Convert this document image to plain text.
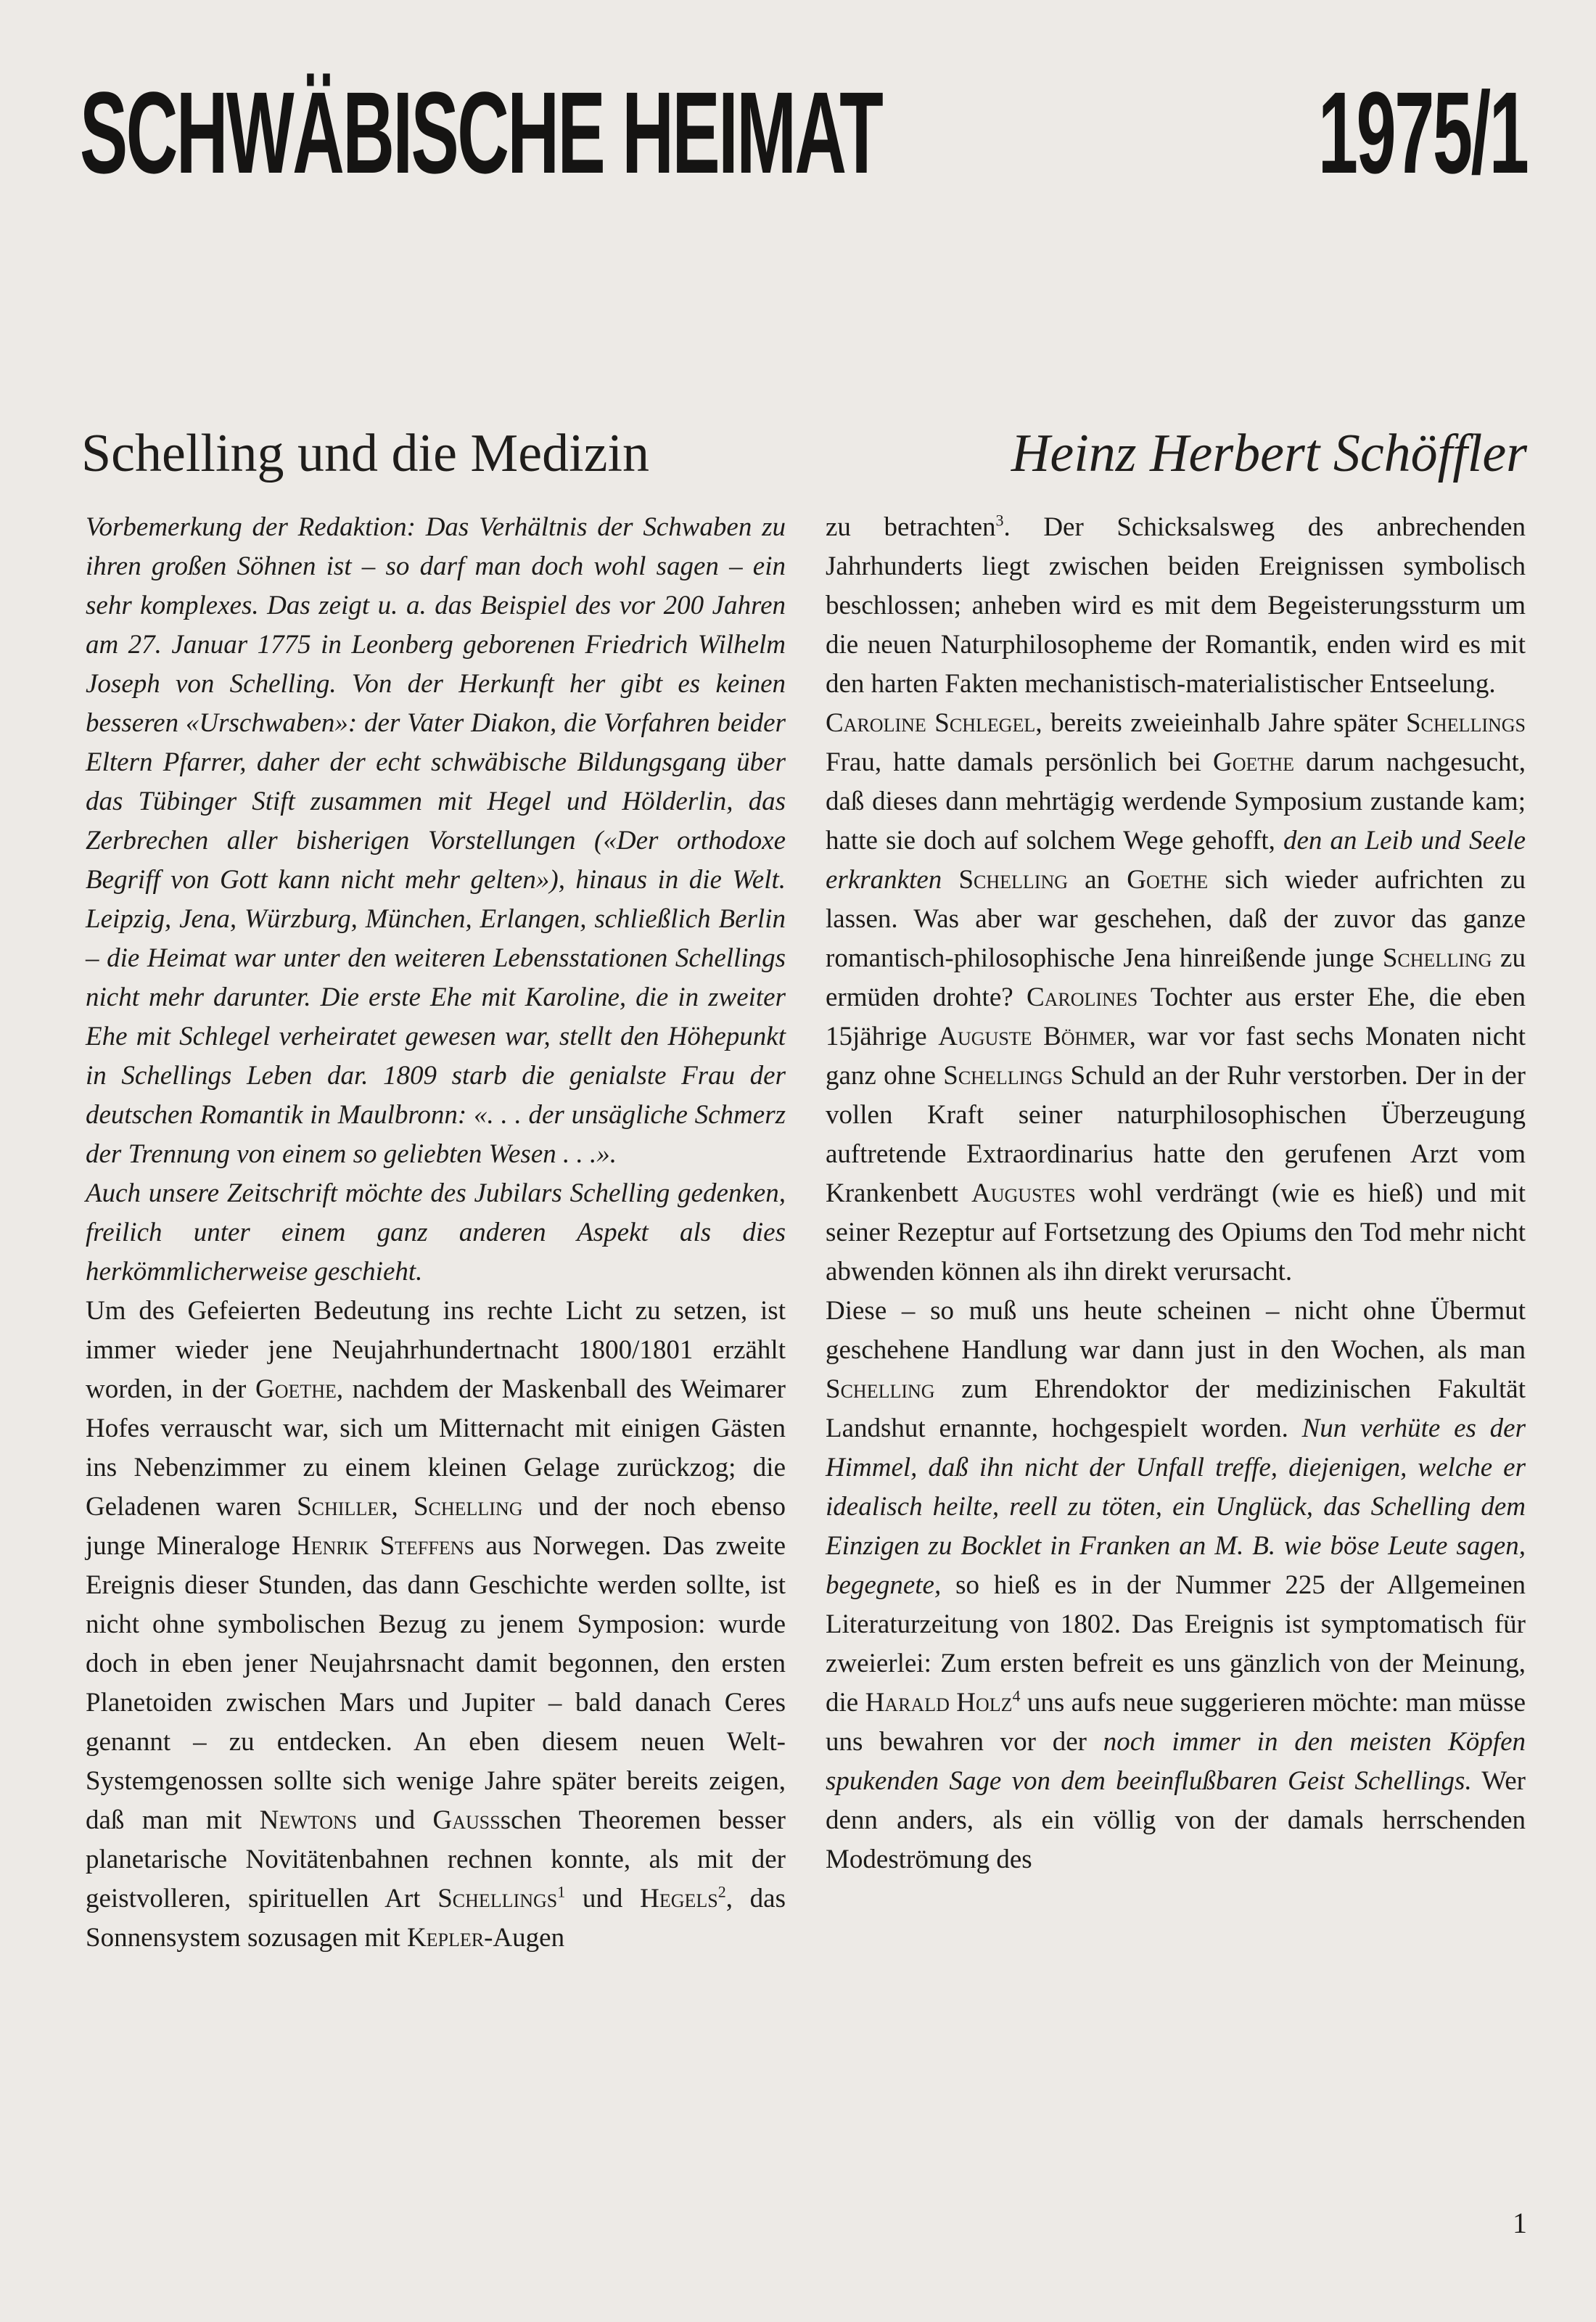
SCHWÄBISCHE HEIMAT	1975/1
Schelling und die Medizin	Heinz Herbert Schöffler

Vorbemerkung der Redaktion: Das Verhältnis der Schwaben zu ihren großen Söhnen ist – so darf man doch wohl sagen – ein sehr komplexes. Das zeigt u. a. das Beispiel des vor 200 Jahren am 27. Januar 1775 in Leonberg geborenen Friedrich Wilhelm Joseph von Schelling. Von der Herkunft her gibt es keinen besseren «Urschwaben»: der Vater Diakon, die Vorfahren beider Eltern Pfarrer, daher der echt schwäbische Bildungsgang über das Tübinger Stift zusammen mit Hegel und Hölderlin, das Zerbrechen aller bisherigen Vorstellungen («Der orthodoxe Begriff von Gott kann nicht mehr gelten»), hinaus in die Welt. Leipzig, Jena, Würzburg, München, Erlangen, schließlich Berlin – die Heimat war unter den weiteren Lebensstationen Schellings nicht mehr darunter. Die erste Ehe mit Karoline, die in zweiter Ehe mit Schlegel verheiratet gewesen war, stellt den Höhepunkt in Schellings Leben dar. 1809 starb die genialste Frau der deutschen Romantik in Maulbronn: «. . . der unsägliche Schmerz der Trennung von einem so geliebten Wesen . . .».

Auch unsere Zeitschrift möchte des Jubilars Schelling gedenken, freilich unter einem ganz anderen Aspekt als dies herkömmlicherweise geschieht.

Um des Gefeierten Bedeutung ins rechte Licht zu setzen, ist immer wieder jene Neujahrhundertnacht 1800/1801 erzählt worden, in der Goethe, nachdem der Maskenball des Weimarer Hofes verrauscht war, sich um Mitternacht mit einigen Gästen ins Nebenzimmer zu einem kleinen Gelage zurückzog; die Geladenen waren Schiller, Schelling und der noch ebenso junge Mineraloge Henrik Steffens aus Norwegen. Das zweite Ereignis dieser Stunden, das dann Geschichte werden sollte, ist nicht ohne symbolischen Bezug zu jenem Symposion: wurde doch in eben jener Neujahrsnacht damit begonnen, den ersten Planetoiden zwischen Mars und Jupiter – bald danach Ceres genannt – zu entdecken. An eben diesem neuen Welt-Systemgenossen sollte sich wenige Jahre später bereits zeigen, daß man mit Newtons und Gaussschen Theoremen besser planetarische Novitätenbahnen rechnen konnte, als mit der geistvolleren, spirituellen Art Schellings$^1$ und Hegels$^2$, das Sonnensystem sozusagen mit Kepler-Augen

zu betrachten$^3$. Der Schicksalsweg des anbrechenden Jahrhunderts liegt zwischen beiden Ereignissen symbolisch beschlossen; anheben wird es mit dem Begeisterungssturm um die neuen Naturphilosopheme der Romantik, enden wird es mit den harten Fakten mechanistisch-materialistischer Entseelung.

Caroline Schlegel, bereits zweieinhalb Jahre später Schellings Frau, hatte damals persönlich bei Goethe darum nachgesucht, daß dieses dann mehrtägig werdende Symposium zustande kam; hatte sie doch auf solchem Wege gehofft, den an Leib und Seele erkrankten Schelling an Goethe sich wieder aufrichten zu lassen. Was aber war geschehen, daß der zuvor das ganze romantisch-philosophische Jena hinreißende junge Schelling zu ermüden drohte? Carolines Tochter aus erster Ehe, die eben 15jährige Auguste Böhmer, war vor fast sechs Monaten nicht ganz ohne Schellings Schuld an der Ruhr verstorben. Der in der vollen Kraft seiner naturphilosophischen Überzeugung auftretende Extraordinarius hatte den gerufenen Arzt vom Krankenbett Augustes wohl verdrängt (wie es hieß) und mit seiner Rezeptur auf Fortsetzung des Opiums den Tod mehr nicht abwenden können als ihn direkt verursacht.

Diese – so muß uns heute scheinen – nicht ohne Übermut geschehene Handlung war dann just in den Wochen, als man Schelling zum Ehrendoktor der medizinischen Fakultät Landshut ernannte, hochgespielt worden. Nun verhüte es der Himmel, daß ihn nicht der Unfall treffe, diejenigen, welche er idealisch heilte, reell zu töten, ein Unglück, das Schelling dem Einzigen zu Bocklet in Franken an M. B. wie böse Leute sagen, begegnete, so hieß es in der Nummer 225 der Allgemeinen Literaturzeitung von 1802. Das Ereignis ist symptomatisch für zweierlei: Zum ersten befreit es uns gänzlich von der Meinung, die Harald Holz$^4$ uns aufs neue suggerieren möchte: man müsse uns bewahren vor der noch immer in den meisten Köpfen spukenden Sage von dem beeinflußbaren Geist Schellings. Wer denn anders, als ein völlig von der damals herrschenden Modeströmung des

1
